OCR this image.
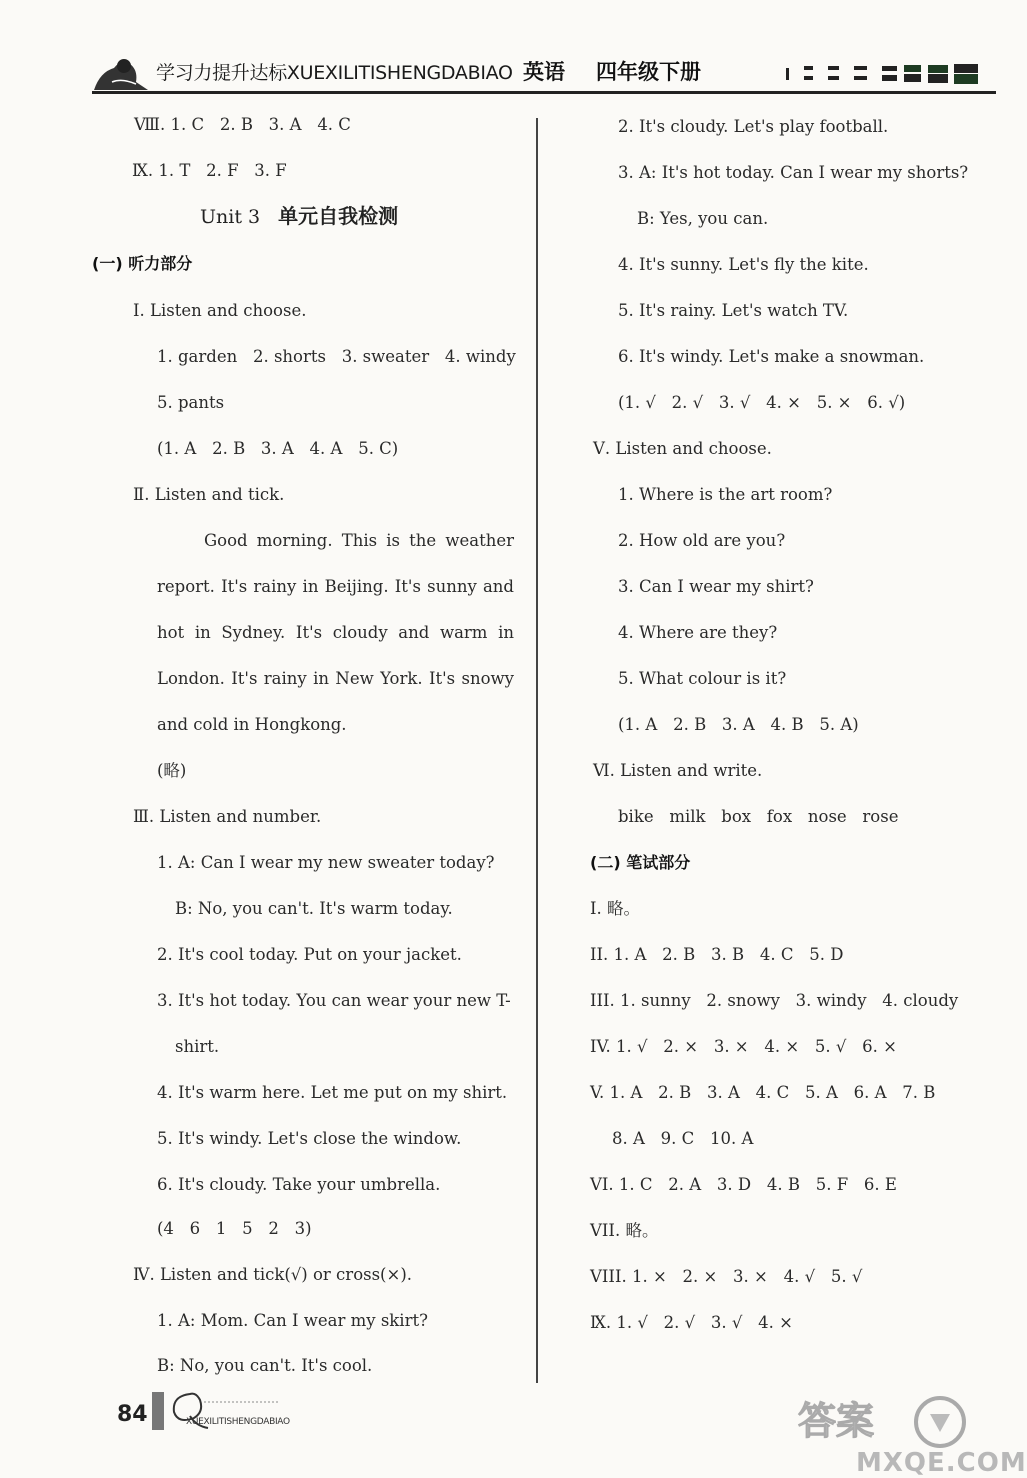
学习力提升达标XUEXILITISHENGDABIAO 英语 四年级下册
Ⅷ. 1. C   2. B   3. A   4. C
Ⅸ. 1. T   2. F   3. F
Unit 3 单元自我检测
(一) 听力部分
Ⅰ. Listen and choose.
1. garden   2. shorts   3. sweater   4. windy
5. pants
(1. A   2. B   3. A   4. A   5. C)
Ⅱ. Listen and tick.
Good morning. This is the weather
report. It's rainy in Beijing. It's sunny and
hot in Sydney. It's cloudy and warm in
London. It's rainy in New York. It's snowy
and cold in Hongkong.
(略)
Ⅲ. Listen and number.
1. A: Can I wear my new sweater today?
B: No, you can't. It's warm today.
2. It's cool today. Put on your jacket.
3. It's hot today. You can wear your new T-
shirt.
4. It's warm here. Let me put on my shirt.
5. It's windy. Let's close the window.
6. It's cloudy. Take your umbrella.
(4   6   1   5   2   3)
Ⅳ. Listen and tick(√) or cross(×).
1. A: Mom. Can I wear my skirt?
B: No, you can't. It's cool.
2. It's cloudy. Let's play football.
3. A: It's hot today. Can I wear my shorts?
B: Yes, you can.
4. It's sunny. Let's fly the kite.
5. It's rainy. Let's watch TV.
6. It's windy. Let's make a snowman.
(1. √   2. √   3. √   4. ×   5. ×   6. √)
Ⅴ. Listen and choose.
1. Where is the art room?
2. How old are you?
3. Can I wear my shirt?
4. Where are they?
5. What colour is it?
(1. A   2. B   3. A   4. B   5. A)
Ⅵ. Listen and write.
bike   milk   box   fox   nose   rose
(二) 笔试部分
I. 略。
II. 1. A   2. B   3. B   4. C   5. D
III. 1. sunny   2. snowy   3. windy   4. cloudy
IV. 1. √   2. ×   3. ×   4. ×   5. √   6. ×
V. 1. A   2. B   3. A   4. C   5. A   6. A   7. B
8. A   9. C   10. A
VI. 1. C   2. A   3. D   4. B   5. F   6. E
VII. 略。
VIII. 1. ×   2. ×   3. ×   4. √   5. √
Ⅸ. 1. √   2. √   3. √   4. ×
84	XUEXILITISHENGDABIAO	答案
MXQE.COM
